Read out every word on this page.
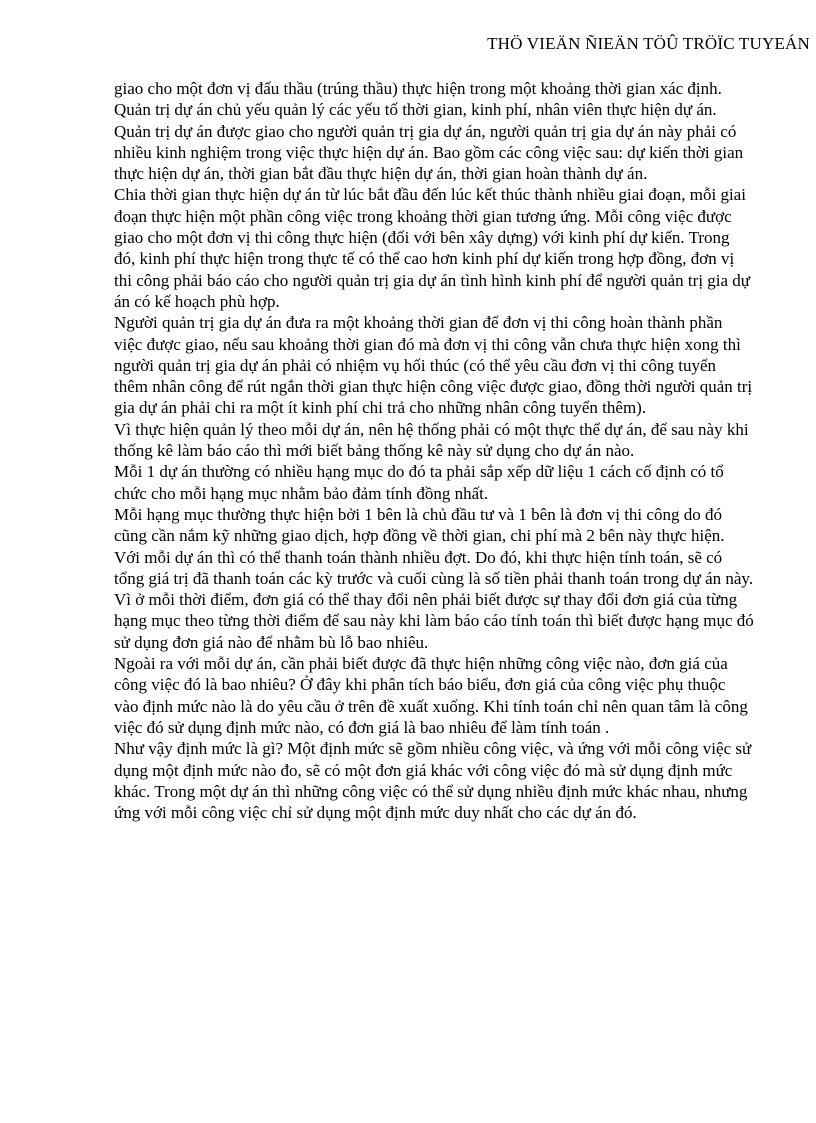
THÖ VIEÄN ÑIEÄN TÖÛ TRÖÏC TUYEÁN

giao cho một đơn vị đấu thầu (trúng thầu) thực hiện trong một khoảng thời gian xác định.

Quản trị dự án chủ yếu quản lý các yếu tố thời gian, kinh phí, nhân viên thực hiện dự án. Quản trị dự án được giao cho người quản trị gia dự án, người quản trị gia dự án này phải có nhiều kinh nghiệm trong việc thực hiện dự án. Bao gồm các công việc sau: dự kiến thời gian thực hiện dự án, thời gian bắt đầu thực hiện dự án, thời gian hoàn thành dự án.

Chia thời gian thực hiện dự án từ lúc bắt đầu đến lúc kết thúc thành nhiều giai đoạn, mỗi giai đoạn thực hiện một phần công việc trong khoảng thời gian tương ứng. Mỗi công việc được giao cho một đơn vị thi công thực hiện (đối với bên xây dựng) với kinh phí dự kiến. Trong đó, kinh phí thực hiện trong thực tế có thể cao hơn kinh phí dự kiến trong hợp đồng, đơn vị thi công phải báo cáo cho người quản trị gia dự án tình hình kinh phí để người quản trị gia dự án có kế hoạch phù hợp.

Người quản trị gia dự án đưa ra một khoảng thời gian để đơn vị thi công hoàn thành phần việc được giao, nếu sau khoảng thời gian đó mà đơn vị thi công vẫn chưa thực hiện xong thì người quản trị gia dự án phải có nhiệm vụ hối thúc (có thể yêu cầu đơn vị thi công tuyển thêm nhân công để rút ngắn thời gian thực hiện công việc được giao, đồng thời người quản trị gia dự án phải chi ra một ít kinh phí chi trả cho những nhân công tuyển thêm).

Vì thực hiện quản lý theo mỗi dự án, nên hệ thống phải có một thực thể dự án, để sau này khi thống kê làm báo cáo thì mới biết bảng thống kê này sử dụng cho dự án nào.

Mỗi 1 dự án thường có nhiều hạng mục do đó ta phải sắp xếp dữ liệu 1 cách cố định có tổ chức cho mỗi hạng mục nhằm bảo đảm tính đồng nhất.

Mỗi hạng mục thường thực hiện bởi 1 bên là chủ đầu tư và 1 bên là đơn vị thi công do đó cũng cần nắm kỹ những giao dịch, hợp đồng về thời gian, chi phí mà 2 bên này thực hiện.

Với mỗi dự án thì có thể thanh toán thành nhiều đợt. Do đó, khi thực hiện tính toán, sẽ có tổng giá trị đã thanh toán các kỳ trước và cuối cùng là số tiền phải thanh toán trong dự án này. Vì ở mỗi thời điểm, đơn giá có thể thay đổi nên phải biết được sự thay đổi đơn giá của từng hạng mục theo từng thời điểm để sau này khi làm báo cáo tính toán thì biết được hạng mục đó sử dụng đơn giá nào để nhằm bù lỗ bao nhiêu.

Ngoài ra với mỗi dự án, cần phải biết được đã thực hiện những công việc nào, đơn giá của công việc đó là bao nhiêu? Ở đây khi phân tích báo biểu, đơn giá của công việc phụ thuộc vào định mức nào là do yêu cầu ở trên đề xuất xuống. Khi tính toán chỉ nên quan tâm là công việc đó sử dụng định mức nào, có đơn giá là bao nhiêu để làm tính toán .

Như vậy định mức là gì? Một định mức sẽ gồm nhiều công việc, và ứng với mỗi công việc sử dụng một định mức nào đo, sẽ có một đơn giá khác với công việc đó mà sử dụng định mức khác. Trong một dự án thì những công việc có thể sử dụng nhiều định mức khác nhau, nhưng ứng với mỗi công việc chỉ sử dụng một định mức duy nhất cho các dự án đó.
